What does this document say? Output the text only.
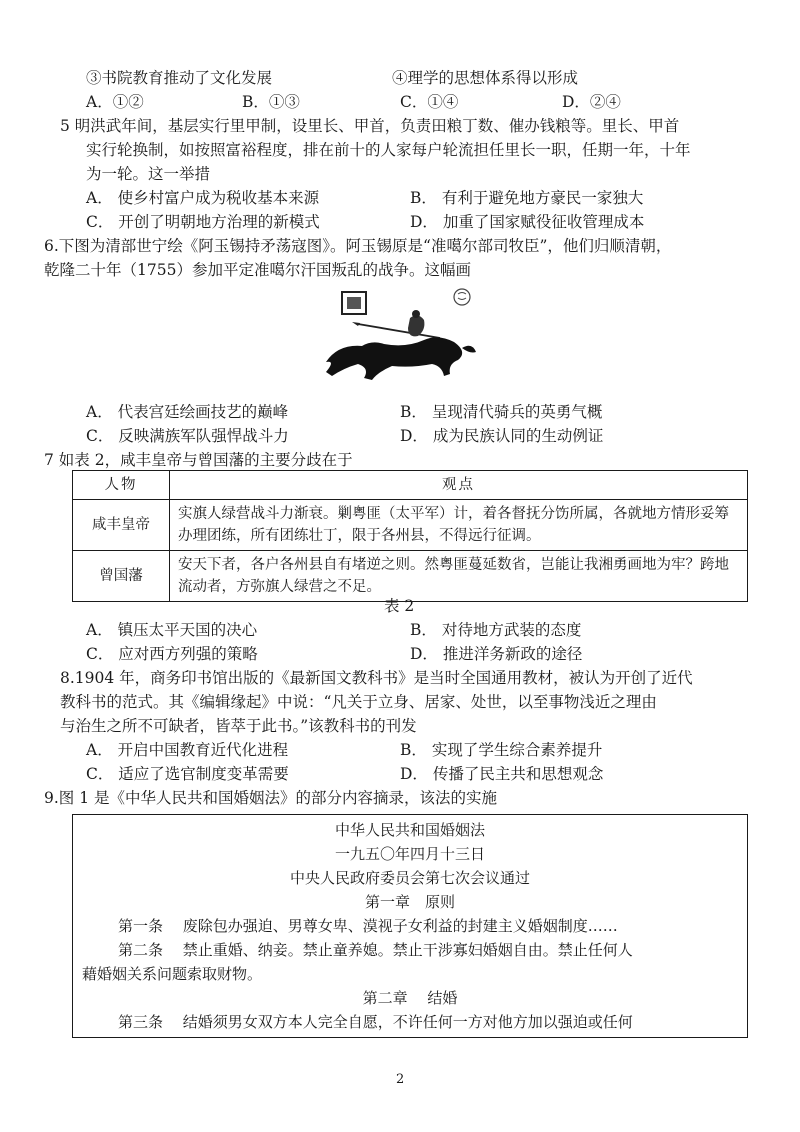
③书院教育推动了文化发展	④理学的思想体系得以形成
A．①②	B．①③	C．①④	D．②④
5 明洪武年间，基层实行里甲制，设里长、甲首，负责田粮丁数、催办钱粮等。里长、甲首
实行轮换制，如按照富裕程度，排在前十的人家每户轮流担任里长一职，任期一年，十年
为一轮。这一举措
A． 使乡村富户成为税收基本来源	B． 有利于避免地方豪民一家独大
C． 开创了明朝地方治理的新模式	D． 加重了国家赋役征收管理成本
6.下图为清部世宁绘《阿玉锡持矛荡寇图》。阿玉锡原是“准噶尔部司牧臣”，他们归顺清朝，
乾隆二十年（1755）参加平定准噶尔汗国叛乱的战争。这幅画
A． 代表宫廷绘画技艺的巅峰	B． 呈现清代骑兵的英勇气概
C． 反映满族军队强悍战斗力	D． 成为民族认同的生动例证
7 如表 2，咸丰皇帝与曾国藩的主要分歧在于
人物	观点
咸丰皇帝	实旗人绿营战斗力渐衰。剿粤匪（太平军）计，着各督抚分饬所属，各就地方情形妥筹办理团练，所有团练壮丁，限于各州县，不得远行征调。
曾国藩	安天下者，各户各州县自有堵逆之则。然粤匪蔓延数省，岂能让我湘勇画地为牢？跨地流动者，方弥旗人绿营之不足。
表 2
A． 镇压太平天国的决心	B． 对待地方武装的态度
C． 应对西方列强的策略	D． 推进洋务新政的途径
8.1904 年，商务印书馆出版的《最新国文教科书》是当时全国通用教材，被认为开创了近代
教科书的范式。其《编辑缘起》中说：“凡关于立身、居家、处世，以至事物浅近之理由
与治生之所不可缺者，皆萃于此书。”该教科书的刊发
A． 开启中国教育近代化进程	B． 实现了学生综合素养提升
C． 适应了选官制度变革需要	D． 传播了民主共和思想观念
9.图 1 是《中华人民共和国婚姻法》的部分内容摘录，该法的实施
中华人民共和国婚姻法
一九五〇年四月十三日
中央人民政府委员会第七次会议通过
第一章　原则
第一条　 废除包办强迫、男尊女卑、漠视子女利益的封建主义婚姻制度……
第二条　 禁止重婚、纳妾。禁止童养媳。禁止干涉寡妇婚姻自由。禁止任何人
藉婚姻关系问题索取财物。
第二章　 结婚
第三条　 结婚须男女双方本人完全自愿，不许任何一方对他方加以强迫或任何
2
